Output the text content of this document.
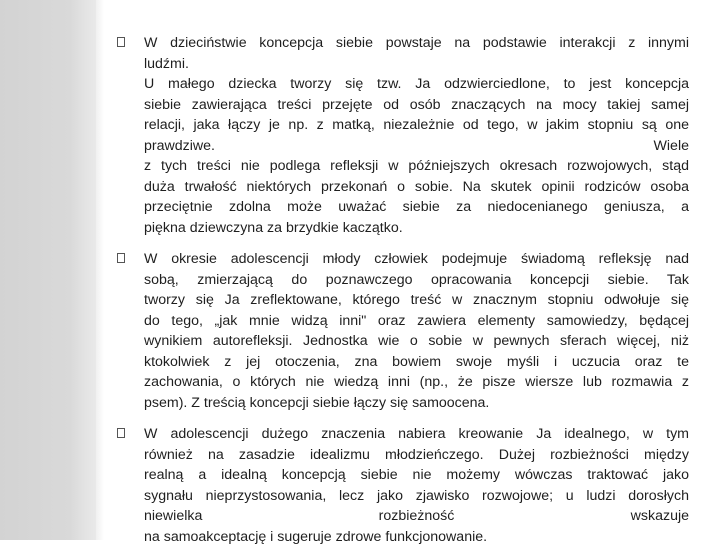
W dzieciństwie koncepcja siebie powstaje na podstawie interakcji z innymi
ludźmi.
U małego dziecka tworzy się tzw. Ja odzwierciedlone, to jest koncepcja
siebie zawierająca treści przejęte od osób znaczących na mocy takiej samej
relacji, jaka łączy je np. z matką, niezależnie od tego, w jakim stopniu są one
prawdziwe. Wiele
z tych treści nie podlega refleksji w późniejszych okresach rozwojowych, stąd
duża trwałość niektórych przekonań o sobie. Na skutek opinii rodziców osoba
przeciętnie zdolna może uważać siebie za niedocenianego geniusza, a
piękna dziewczyna za brzydkie kaczątko.

W okresie adolescencji młody człowiek podejmuje świadomą refleksję nad
sobą, zmierzającą do poznawczego opracowania koncepcji siebie. Tak
tworzy się Ja zreflektowane, którego treść w znacznym stopniu odwołuje się
do tego, „jak mnie widzą inni" oraz zawiera elementy samowiedzy, będącej
wynikiem autorefleksji. Jednostka wie o sobie w pewnych sferach więcej, niż
ktokolwiek z jej otoczenia, zna bowiem swoje myśli i uczucia oraz te
zachowania, o których nie wiedzą inni (np., że pisze wiersze lub rozmawia z
psem). Z treścią koncepcji siebie łączy się samoocena.

W adolescencji dużego znaczenia nabiera kreowanie Ja idealnego, w tym
również na zasadzie idealizmu młodzieńczego. Dużej rozbieżności między
realną a idealną koncepcją siebie nie możemy wówczas traktować jako
sygnału nieprzystosowania, lecz jako zjawisko rozwojowe; u ludzi dorosłych
niewielka rozbieżność wskazuje
na samoakceptację i sugeruje zdrowe funkcjonowanie.
